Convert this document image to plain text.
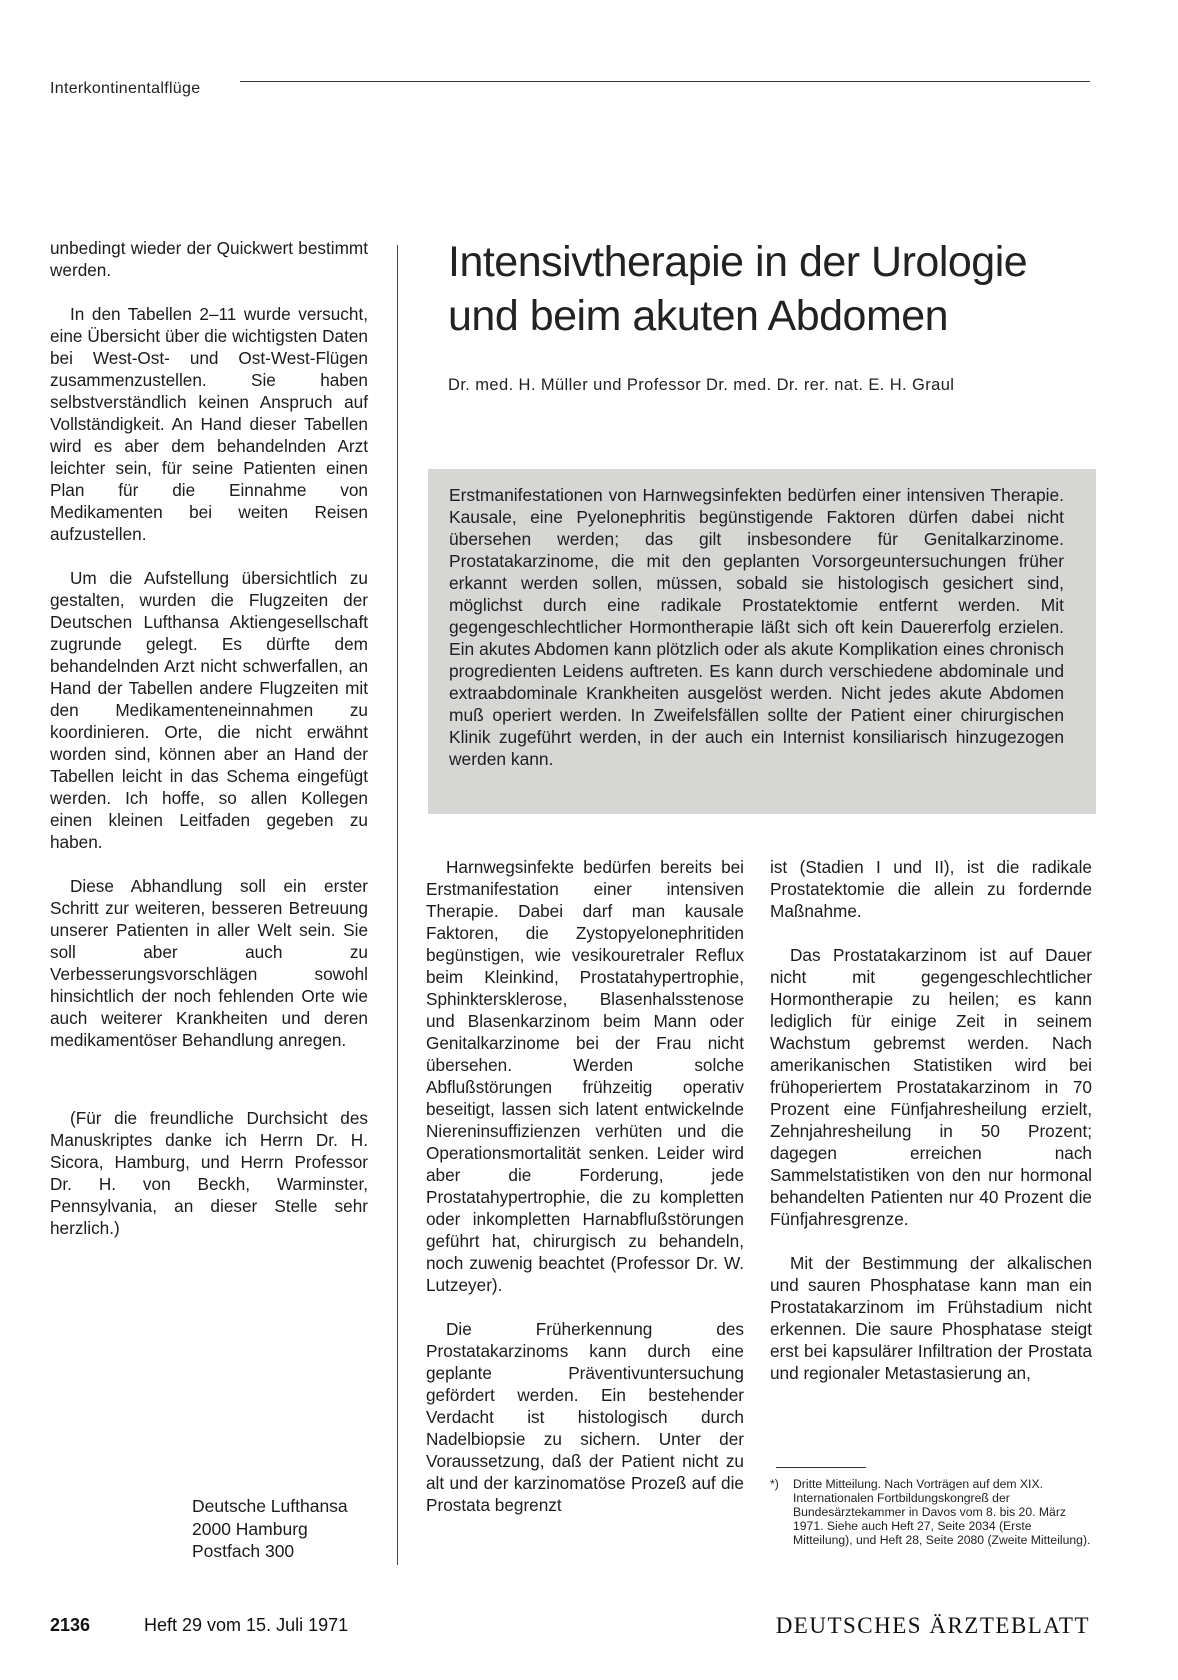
Interkontinentalflüge

unbedingt wieder der Quickwert bestimmt werden.

In den Tabellen 2–11 wurde versucht, eine Übersicht über die wichtigsten Daten bei West-Ost- und Ost-West-Flügen zusammenzustellen. Sie haben selbstverständlich keinen Anspruch auf Vollständigkeit. An Hand dieser Tabellen wird es aber dem behandelnden Arzt leichter sein, für seine Patienten einen Plan für die Einnahme von Medikamenten bei weiten Reisen aufzustellen.

Um die Aufstellung übersichtlich zu gestalten, wurden die Flugzeiten der Deutschen Lufthansa Aktiengesellschaft zugrunde gelegt. Es dürfte dem behandelnden Arzt nicht schwerfallen, an Hand der Tabellen andere Flugzeiten mit den Medikamenteneinnahmen zu koordinieren. Orte, die nicht erwähnt worden sind, können aber an Hand der Tabellen leicht in das Schema eingefügt werden. Ich hoffe, so allen Kollegen einen kleinen Leitfaden gegeben zu haben.

Diese Abhandlung soll ein erster Schritt zur weiteren, besseren Betreuung unserer Patienten in aller Welt sein. Sie soll aber auch zu Verbesserungsvorschlägen sowohl hinsichtlich der noch fehlenden Orte wie auch weiterer Krankheiten und deren medikamentöser Behandlung anregen.

(Für die freundliche Durchsicht des Manuskriptes danke ich Herrn Dr. H. Sicora, Hamburg, und Herrn Professor Dr. H. von Beckh, Warminster, Pennsylvania, an dieser Stelle sehr herzlich.)

Deutsche Lufthansa
2000 Hamburg
Postfach 300
Intensivtherapie in der Urologie und beim akuten Abdomen
Dr. med. H. Müller und Professor Dr. med. Dr. rer. nat. E. H. Graul
Erstmanifestationen von Harnwegsinfekten bedürfen einer intensiven Therapie. Kausale, eine Pyelonephritis begünstigende Faktoren dürfen dabei nicht übersehen werden; das gilt insbesondere für Genitalkarzinome. Prostatakarzinome, die mit den geplanten Vorsorgeuntersuchungen früher erkannt werden sollen, müssen, sobald sie histologisch gesichert sind, möglichst durch eine radikale Prostatektomie entfernt werden. Mit gegengeschlechtlicher Hormontherapie läßt sich oft kein Dauererfolg erzielen. Ein akutes Abdomen kann plötzlich oder als akute Komplikation eines chronisch progredienten Leidens auftreten. Es kann durch verschiedene abdominale und extraabdominale Krankheiten ausgelöst werden. Nicht jedes akute Abdomen muß operiert werden. In Zweifelsfällen sollte der Patient einer chirurgischen Klinik zugeführt werden, in der auch ein Internist konsiliarisch hinzugezogen werden kann.

Harnwegsinfekte bedürfen bereits bei Erstmanifestation einer intensiven Therapie. Dabei darf man kausale Faktoren, die Zystopyelonephritiden begünstigen, wie vesikouretraler Reflux beim Kleinkind, Prostatahypertrophie, Sphinktersklerose, Blasenhalsstenose und Blasenkarzinom beim Mann oder Genitalkarzinome bei der Frau nicht übersehen. Werden solche Abflußstörungen frühzeitig operativ beseitigt, lassen sich latent entwickelnde Niereninsuffizienzen verhüten und die Operationsmortalität senken. Leider wird aber die Forderung, jede Prostatahypertrophie, die zu kompletten oder inkompletten Harnabflußstörungen geführt hat, chirurgisch zu behandeln, noch zuwenig beachtet (Professor Dr. W. Lutzeyer).

Die Früherkennung des Prostatakarzinoms kann durch eine geplante Präventivuntersuchung gefördert werden. Ein bestehender Verdacht ist histologisch durch Nadelbiopsie zu sichern. Unter der Voraussetzung, daß der Patient nicht zu alt und der karzinomatöse Prozeß auf die Prostata begrenzt

ist (Stadien I und II), ist die radikale Prostatektomie die allein zu fordernde Maßnahme.

Das Prostatakarzinom ist auf Dauer nicht mit gegengeschlechtlicher Hormontherapie zu heilen; es kann lediglich für einige Zeit in seinem Wachstum gebremst werden. Nach amerikanischen Statistiken wird bei frühoperiertem Prostatakarzinom in 70 Prozent eine Fünfjahresheilung erzielt, Zehnjahresheilung in 50 Prozent; dagegen erreichen nach Sammelstatistiken von den nur hormonal behandelten Patienten nur 40 Prozent die Fünfjahresgrenze.

Mit der Bestimmung der alkalischen und sauren Phosphatase kann man ein Prostatakarzinom im Frühstadium nicht erkennen. Die saure Phosphatase steigt erst bei kapsulärer Infiltration der Prostata und regionaler Metastasierung an,

*) Dritte Mitteilung. Nach Vorträgen auf dem XIX. Internationalen Fortbildungskongreß der Bundesärztekammer in Davos vom 8. bis 20. März 1971. Siehe auch Heft 27, Seite 2034 (Erste Mitteilung), und Heft 28, Seite 2080 (Zweite Mitteilung).
2136	Heft 29 vom 15. Juli 1971	DEUTSCHES ÄRZTEBLATT
